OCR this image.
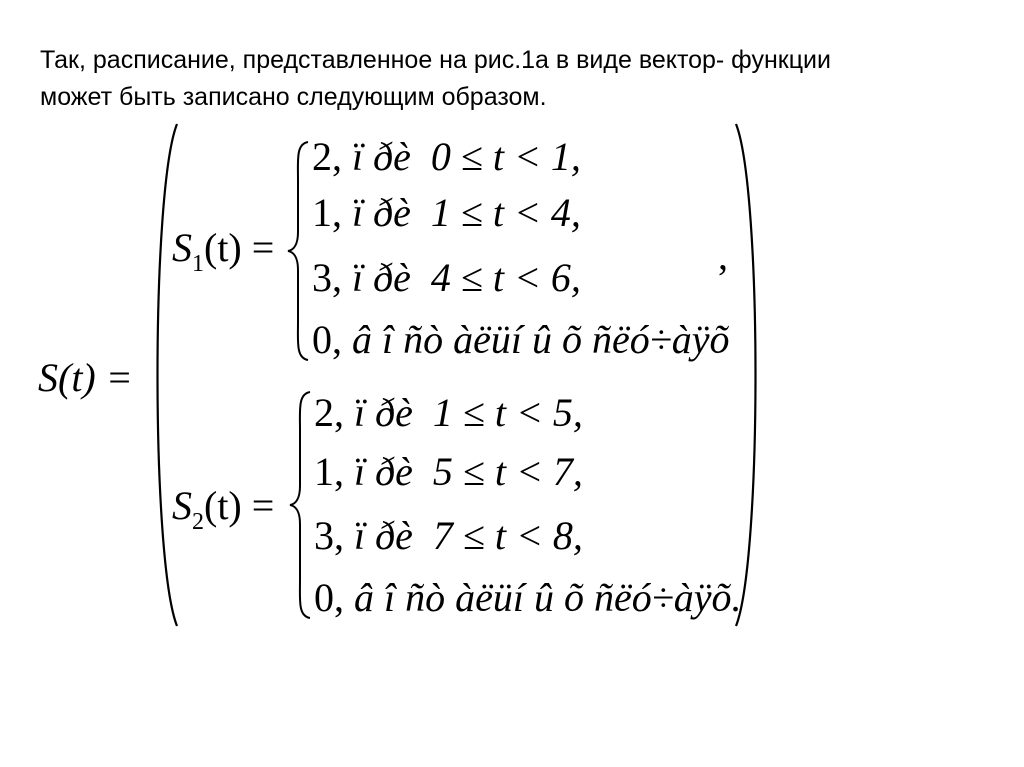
Так, расписание, представленное на рис.1а в виде вектор- функции
может быть записано следующим образом.
S(t) =
$S_1(t)$ =
2, ï ðè 0 ≤ t < 1,
1, ï ðè 1 ≤ t < 4,
3, ï ðè 4 ≤ t < 6,
0, â î ñò àëüí û õ ñëó÷àÿõ
,
$S_2(t)$ =
2, ï ðè 1 ≤ t < 5,
1, ï ðè 5 ≤ t < 7,
3, ï ðè 7 ≤ t < 8,
0, â î ñò àëüí û õ ñëó÷àÿõ.
